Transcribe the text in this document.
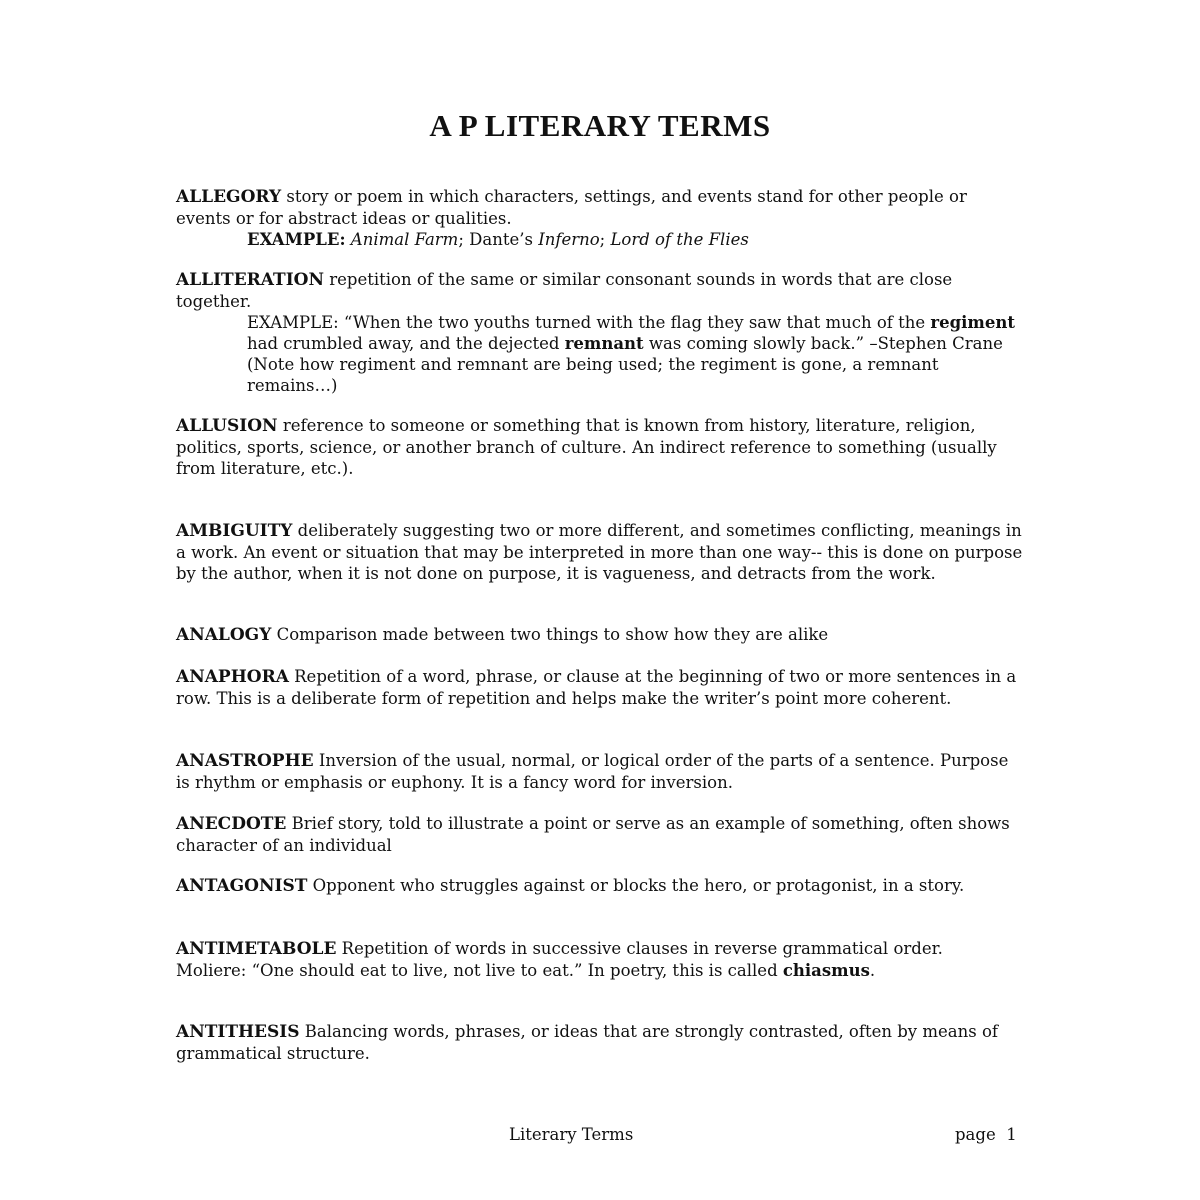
A P LITERARY TERMS
ALLEGORY story or poem in which characters, settings, and events stand for other people or events or for abstract ideas or qualities.
EXAMPLE: Animal Farm; Dante’s Inferno; Lord of the Flies
ALLITERATION repetition of the same or similar consonant sounds in words that are close together.
EXAMPLE: “When the two youths turned with the flag they saw that much of the regiment had crumbled away, and the dejected remnant was coming slowly back.” –Stephen Crane (Note how regiment and remnant are being used; the regiment is gone, a remnant remains…)
ALLUSION reference to someone or something that is known from history, literature, religion, politics, sports, science, or another branch of culture. An indirect reference to something (usually from literature, etc.).
AMBIGUITY deliberately suggesting two or more different, and sometimes conflicting, meanings in a work. An event or situation that may be interpreted in more than one way-- this is done on purpose by the author, when it is not done on purpose, it is vagueness, and detracts from the work.
ANALOGY Comparison made between two things to show how they are alike
ANAPHORA Repetition of a word, phrase, or clause at the beginning of two or more sentences in a row. This is a deliberate form of repetition and helps make the writer’s point more coherent.
ANASTROPHE Inversion of the usual, normal, or logical order of the parts of a sentence. Purpose is rhythm or emphasis or euphony. It is a fancy word for inversion.
ANECDOTE Brief story, told to illustrate a point or serve as an example of something, often shows character of an individual
ANTAGONIST Opponent who struggles against or blocks the hero, or protagonist, in a story.
ANTIMETABOLE Repetition of words in successive clauses in reverse grammatical order.
Moliere: “One should eat to live, not live to eat.” In poetry, this is called chiasmus.
ANTITHESIS Balancing words, phrases, or ideas that are strongly contrasted, often by means of grammatical structure.
Literary Terms	page  1
